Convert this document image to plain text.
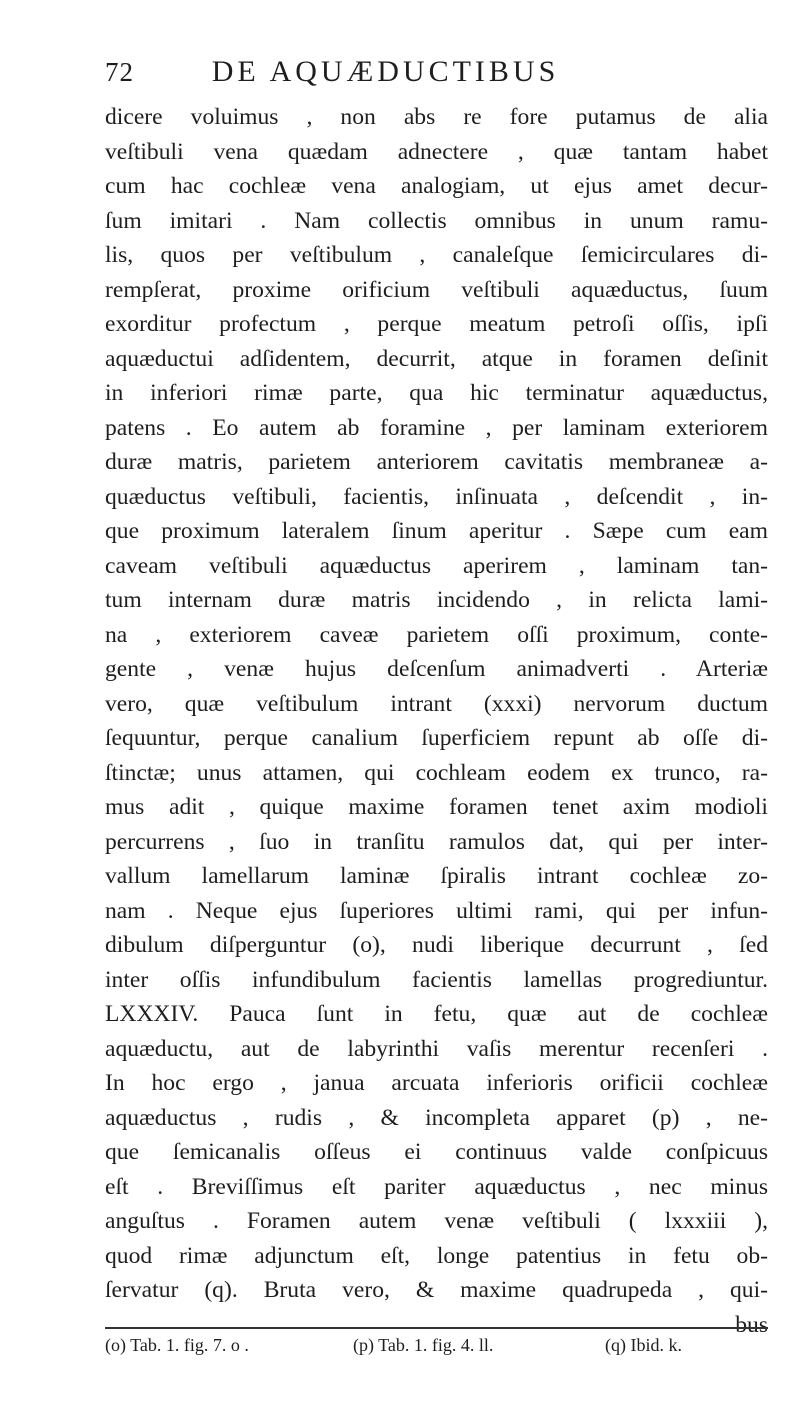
72	DE AQUÆDUCTIBUS
dicere voluimus , non abs re fore putamus de alia
veſtibuli vena quædam adnectere , quæ tantam habet
cum hac cochleæ vena analogiam, ut ejus amet decur-
ſum imitari . Nam collectis omnibus in unum ramu-
lis, quos per veſtibulum , canaleſque ſemicirculares di-
rempſerat, proxime orificium veſtibuli aquæductus, ſuum
exorditur profectum , perque meatum petroſi oſſis, ipſi
aquæductui adſidentem, decurrit, atque in foramen deſinit
in inferiori rimæ parte, qua hic terminatur aquæductus,
patens . Eo autem ab foramine , per laminam exteriorem
duræ matris, parietem anteriorem cavitatis membraneæ a-
quæductus veſtibuli, facientis, inſinuata , deſcendit , in-
que proximum lateralem ſinum aperitur . Sæpe cum eam
caveam veſtibuli aquæductus aperirem , laminam tan-
tum internam duræ matris incidendo , in relicta lami-
na , exteriorem caveæ parietem oſſi proximum, conte-
gente , venæ hujus deſcenſum animadverti . Arteriæ
vero, quæ veſtibulum intrant (xxxi) nervorum ductum
ſequuntur, perque canalium ſuperficiem repunt ab oſſe di-
ſtinctæ; unus attamen, qui cochleam eodem ex trunco, ra-
mus adit , quique maxime foramen tenet axim modioli
percurrens , ſuo in tranſitu ramulos dat, qui per inter-
vallum lamellarum laminæ ſpiralis intrant cochleæ zo-
nam . Neque ejus ſuperiores ultimi rami, qui per infun-
dibulum diſperguntur (o), nudi liberique decurrunt , ſed
inter oſſis infundibulum facientis lamellas progrediuntur.
LXXXIV. Pauca ſunt in fetu, quæ aut de cochleæ
aquæductu, aut de labyrinthi vaſis merentur recenſeri .
In hoc ergo , janua arcuata inferioris orificii cochleæ
aquæductus , rudis , & incompleta apparet (p) , ne-
que ſemicanalis oſſeus ei continuus valde conſpicuus
eſt . Breviſſimus eſt pariter aquæductus , nec minus
anguſtus . Foramen autem venæ veſtibuli ( lxxxiii ),
quod rimæ adjunctum eſt, longe patentius in fetu ob-
ſervatur (q). Bruta vero, & maxime quadrupeda , qui-
bus
(o) Tab. 1. fig. 7. o .	(p) Tab. 1. fig. 4. ll.	(q) Ibid. k.
